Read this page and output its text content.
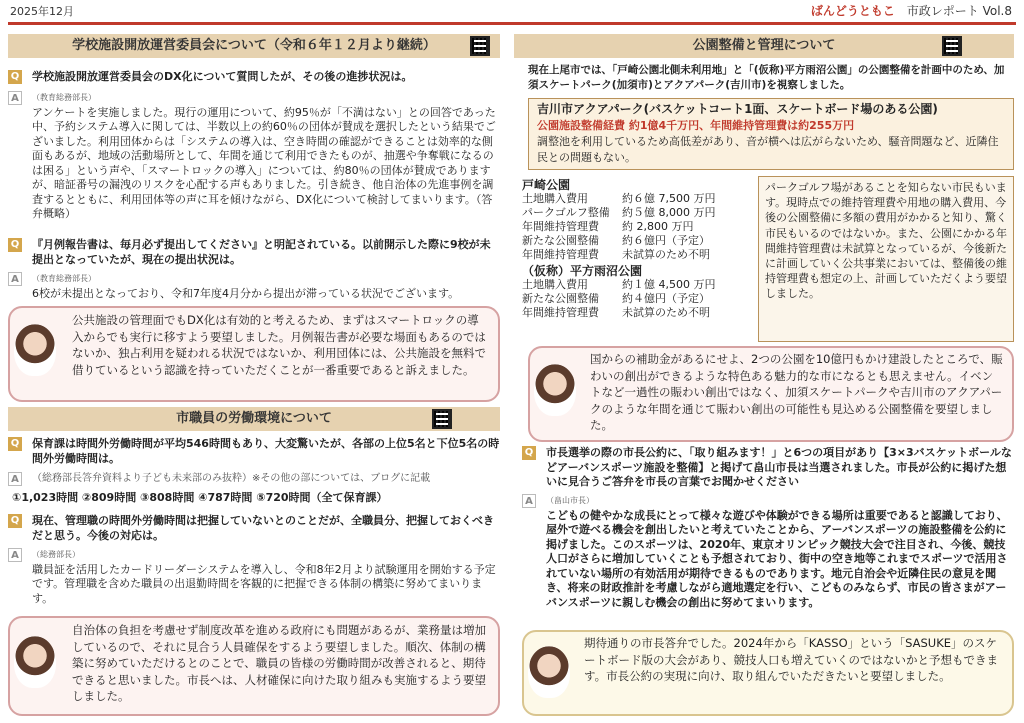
2025年12月	ばんどうともこ 市政レポート Vol.8
学校施設開放運営委員会について（令和６年１２月より継続）
Q	学校施設開放運営委員会のDX化について質問したが、その後の進捗状況は。
A	（教育総務部長）
アンケートを実施しました。現行の運用について、約95％が「不満はない」との回答であった中、予約システム導入に関しては、半数以上の約60％の団体が賛成を選択したという結果でございました。利用団体からは「システムの導入は、空き時間の確認ができることは効率的な側面もあるが、地域の活動場所として、年間を通じて利用できたものが、抽選や争奪戦になるのは困る」という声や、「スマートロックの導入」については、約80％の団体が賛成でありますが、暗証番号の漏洩のリスクを心配する声もありました。引き続き、他自治体の先進事例を調査するとともに、利用団体等の声に耳を傾けながら、DX化について検討してまいります。（答弁概略）
Q	『月例報告書は、毎月必ず提出してください』と明記されている。以前開示した際に9校が未提出となっていたが、現在の提出状況は。
A	（教育総務部長）
6校が未提出となっており、令和7年度4月分から提出が滞っている状況でございます。
公共施設の管理面でもDX化は有効的と考えるため、まずはスマートロックの導入からでも実行に移すよう要望しました。月例報告書が必要な場面もあるのではないか、独占利用を疑われる状況ではないか、利用団体には、公共施設を無料で借りているという認識を持っていただくことが一番重要であると訴えました。
市職員の労働環境について
Q	保育課は時間外労働時間が平均546時間もあり、大変驚いたが、各部の上位5名と下位5名の時間外労働時間は。
A	（総務部長答弁資料より子ども未来部のみ抜粋）※その他の部については、ブログに記載
①1,023時間 ②809時間 ③808時間 ④787時間 ⑤720時間（全て保育課）
Q	現在、管理職の時間外労働時間は把握していないとのことだが、全職員分、把握しておくべきだと思う。今後の対応は。
A	（総務部長）
職員証を活用したカードリーダーシステムを導入し、令和8年2月より試験運用を開始する予定です。管理職を含めた職員の出退勤時間を客観的に把握できる体制の構築に努めてまいります。
自治体の負担を考慮せず制度改革を進める政府にも問題があるが、業務量は増加しているので、それに見合う人員確保をするよう要望しました。順次、体制の構築に努めていただけるとのことで、職員の皆様の労働時間が改善されると、期待できると思いました。市長へは、人材確保に向けた取り組みも実施するよう要望しました。
公園整備と管理について
現在上尾市では、「戸崎公園北側未利用地」と「(仮称)平方雨沼公園」の公園整備を計画中のため、加須スケートパーク(加須市)とアクアパーク(吉川市)を視察しました。
吉川市アクアパーク(バスケットコート1面、スケートボード場のある公園)
公園施設整備経費 約1億4千万円、年間維持管理費は約255万円
調整池を利用しているため高低差があり、音が横へは広がらないため、騒音問題など、近隣住民との問題もない。
戸崎公園
土地購入費用	約６億 7,500 万円
パークゴルフ整備 約５億 8,000 万円
年間維持管理費 約 2,800 万円
新たな公園整備 約６億円（予定）
年間維持管理費 未試算のため不明
（仮称）平方雨沼公園
土地購入費用	約１億 4,500 万円
新たな公園整備 約４億円（予定）
年間維持管理費 未試算のため不明
パークゴルフ場があることを知らない市民もいます。現時点での維持管理費や用地の購入費用、今後の公園整備に多額の費用がかかると知り、驚く市民もいるのではないか。また、公園にかかる年間維持管理費は未試算となっているが、今後新たに計画していく公共事業においては、整備後の維持管理費も想定の上、計画していただくよう要望しました。
国からの補助金があるにせよ、2つの公園を10億円もかけ建設したところで、賑わいの創出ができるような特色ある魅力的な市になるとも思えません。イベントなど一過性の賑わい創出ではなく、加須スケートパークや吉川市のアクアパークのような年間を通じて賑わい創出の可能性も見込める公園整備を要望しました。
Q	市長選挙の際の市長公約に、「取り組みます！」と6つの項目があり【3×3バスケットボールなどアーバンスポーツ施設を整備】と掲げて畠山市長は当選されました。市長が公約に掲げた想いに見合うご答弁を市長の言葉でお聞かせください
A	（畠山市長）
こどもの健やかな成長にとって様々な遊びや体験ができる場所は重要であると認識しており、屋外で遊べる機会を創出したいと考えていたことから、アーバンスポーツの施設整備を公約に掲げました。このスポーツは、2020年、東京オリンピック競技大会で注目され、今後、競技人口がさらに増加していくことも予想されており、街中の空き地等これまでスポーツで活用されていない場所の有効活用が期待できるものであります。地元自治会や近隣住民の意見を聞き、将来の財政推計を考慮しながら適地選定を行い、こどものみならず、市民の皆さまがアーバンスポーツに親しむ機会の創出に努めてまいります。
期待通りの市長答弁でした。2024年から「KASSO」という「SASUKE」のスケートボード版の大会があり、競技人口も増えていくのではないかと予想もできます。市長公約の実現に向け、取り組んでいただきたいと要望しました。
